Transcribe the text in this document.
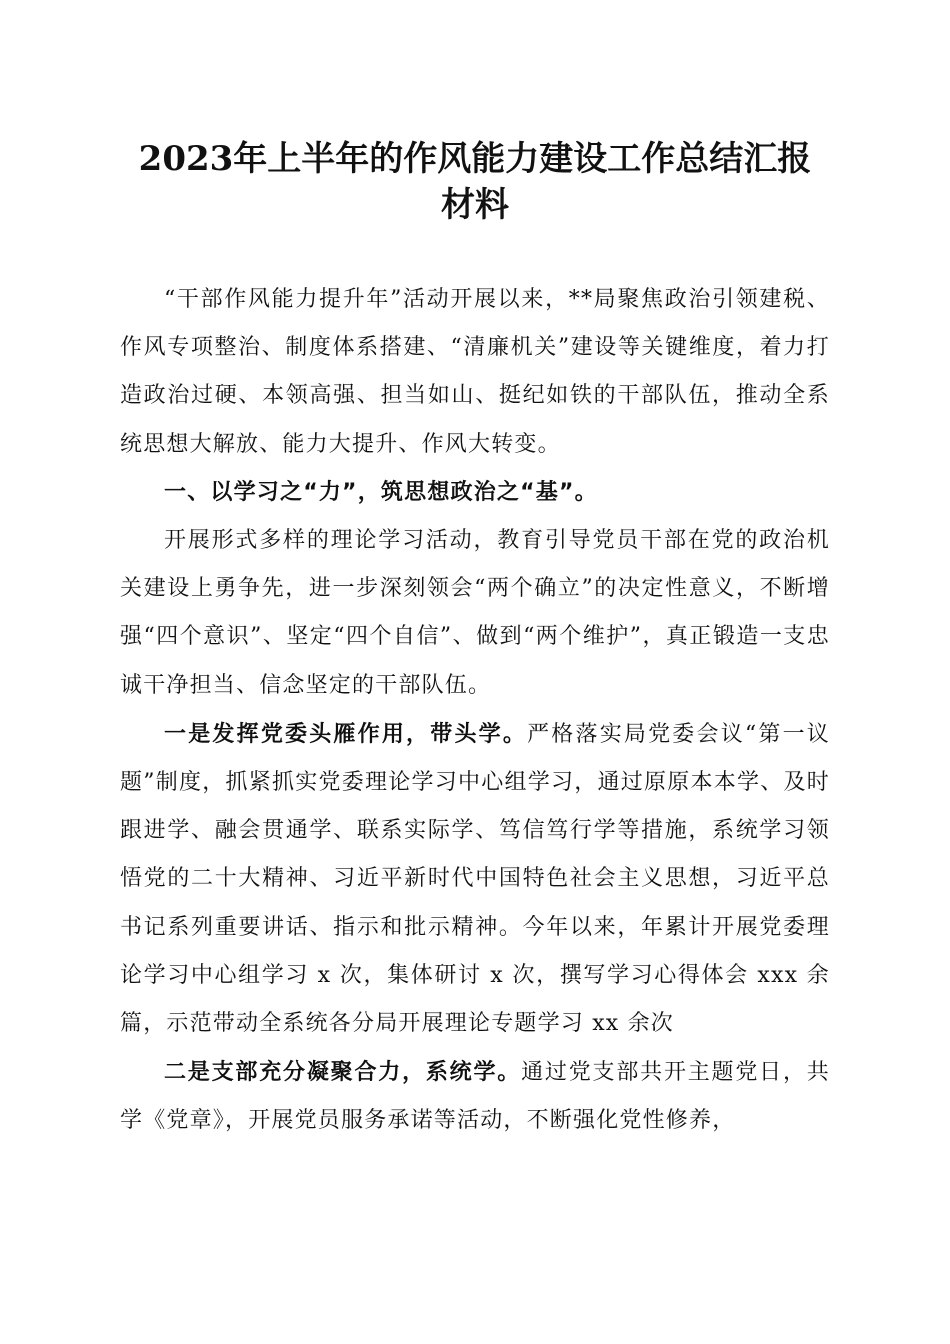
2023年上半年的作风能力建设工作总结汇报
材料

“干部作风能力提升年”活动开展以来，**局聚焦政治引领建税、作风专项整治、制度体系搭建、“清廉机关”建设等关键维度，着力打造政治过硬、本领高强、担当如山、挺纪如铁的干部队伍，推动全系统思想大解放、能力大提升、作风大转变。

一、以学习之“力”，筑思想政治之“基”。

开展形式多样的理论学习活动，教育引导党员干部在党的政治机关建设上勇争先，进一步深刻领会“两个确立”的决定性意义，不断增强“四个意识”、坚定“四个自信”、做到“两个维护”，真正锻造一支忠诚干净担当、信念坚定的干部队伍。

一是发挥党委头雁作用，带头学。严格落实局党委会议“第一议题”制度，抓紧抓实党委理论学习中心组学习，通过原原本本学、及时跟进学、融会贯通学、联系实际学、笃信笃行学等措施，系统学习领悟党的二十大精神、习近平新时代中国特色社会主义思想，习近平总书记系列重要讲话、指示和批示精神。今年以来，年累计开展党委理论学习中心组学习 x 次，集体研讨 x 次，撰写学习心得体会 xxx 余篇，示范带动全系统各分局开展理论专题学习 xx 余次

二是支部充分凝聚合力，系统学。通过党支部共开主题党日，共学《党章》，开展党员服务承诺等活动，不断强化党性修养，
